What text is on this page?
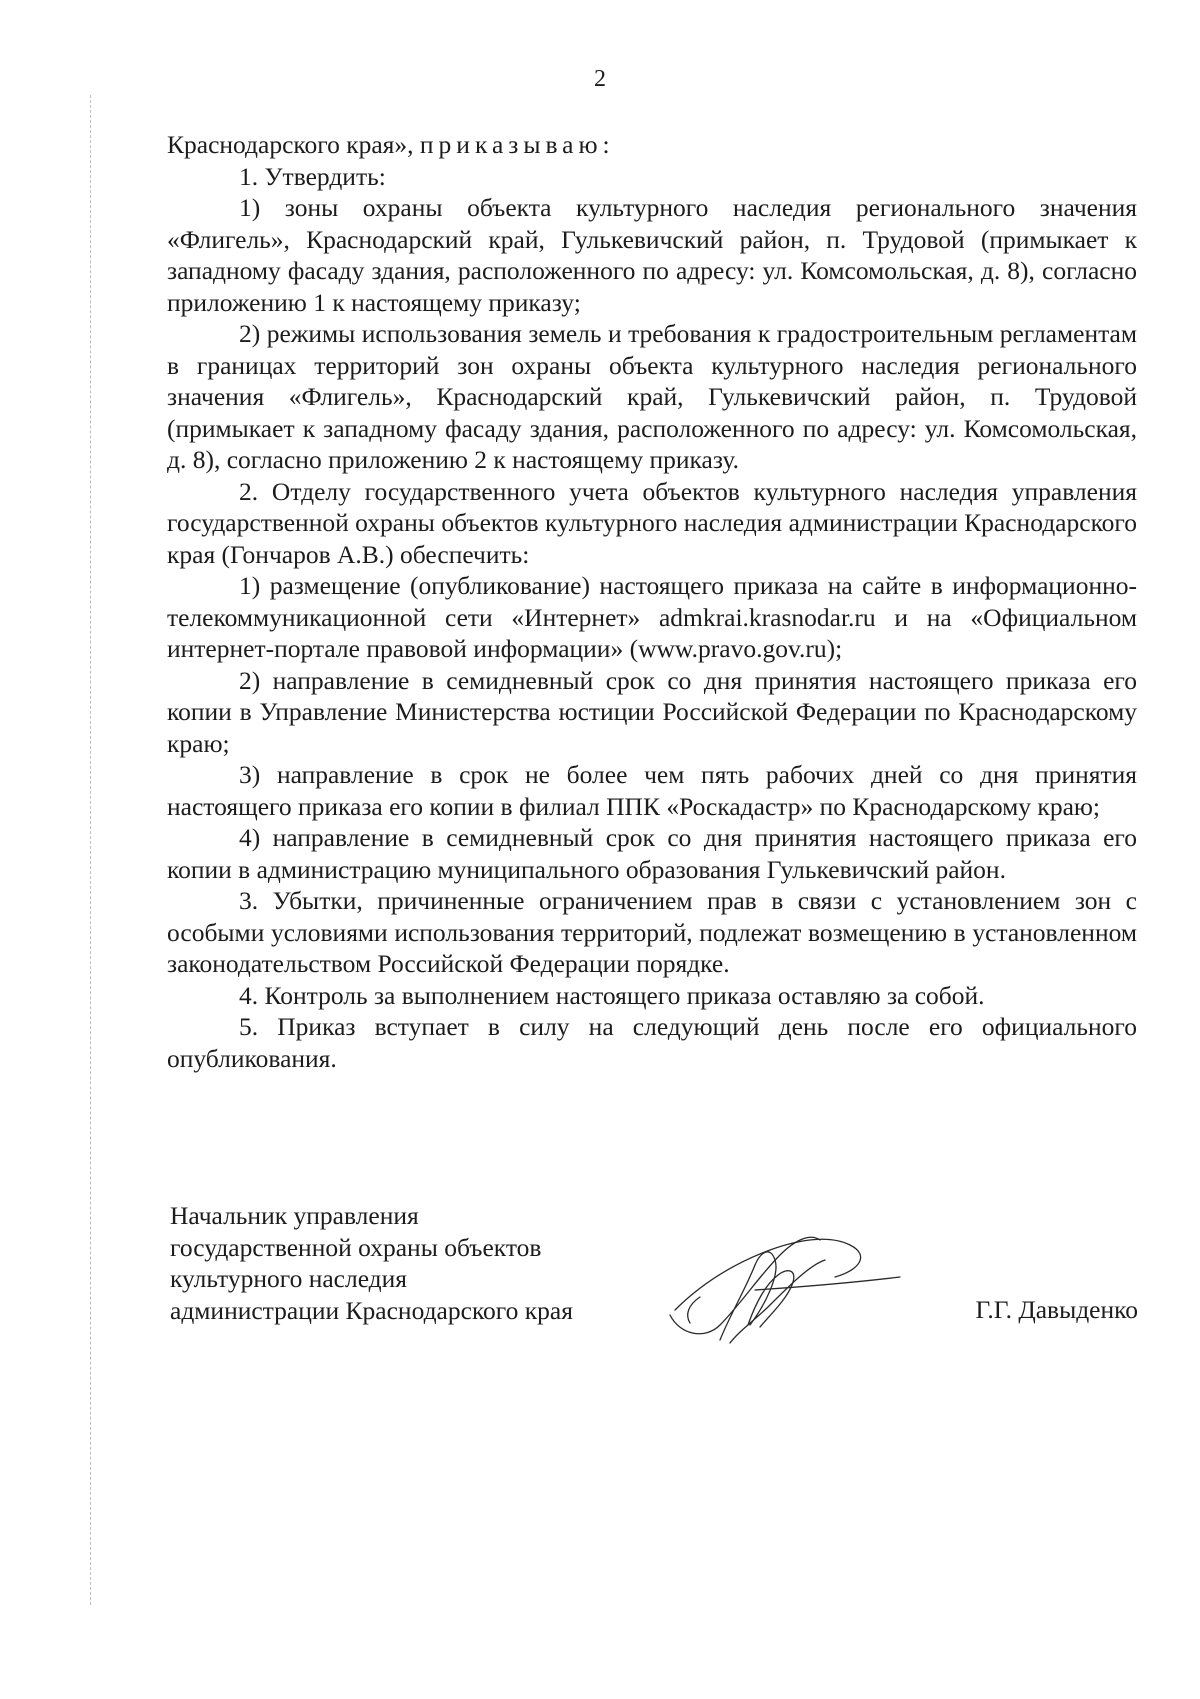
2

Краснодарского края», приказываю:

1. Утвердить:

1) зоны охраны объекта культурного наследия регионального значения «Флигель», Краснодарский край, Гулькевичский район, п. Трудовой (примыкает к западному фасаду здания, расположенного по адресу: ул. Комсомольская, д. 8), согласно приложению 1 к настоящему приказу;

2) режимы использования земель и требования к градостроительным регламентам в границах территорий зон охраны объекта культурного наследия регионального значения «Флигель», Краснодарский край, Гулькевичский район, п. Трудовой (примыкает к западному фасаду здания, расположенного по адресу: ул. Комсомольская, д. 8), согласно приложению 2 к настоящему приказу.

2. Отделу государственного учета объектов культурного наследия управления государственной охраны объектов культурного наследия администрации Краснодарского края (Гончаров А.В.) обеспечить:

1) размещение (опубликование) настоящего приказа на сайте в информационно-телекоммуникационной сети «Интернет» admkrai.krasnodar.ru и на «Официальном интернет-портале правовой информации» (www.pravo.gov.ru);

2) направление в семидневный срок со дня принятия настоящего приказа его копии в Управление Министерства юстиции Российской Федерации по Краснодарскому краю;

3) направление в срок не более чем пять рабочих дней со дня принятия настоящего приказа его копии в филиал ППК «Роскадастр» по Краснодарскому краю;

4) направление в семидневный срок со дня принятия настоящего приказа его копии в администрацию муниципального образования Гулькевичский район.

3. Убытки, причиненные ограничением прав в связи с установлением зон с особыми условиями использования территорий, подлежат возмещению в установленном законодательством Российской Федерации порядке.

4. Контроль за выполнением настоящего приказа оставляю за собой.

5. Приказ вступает в силу на следующий день после его официального опубликования.

Начальник управления
государственной охраны объектов
культурного наследия
администрации Краснодарского края	Г.Г. Давыденко
